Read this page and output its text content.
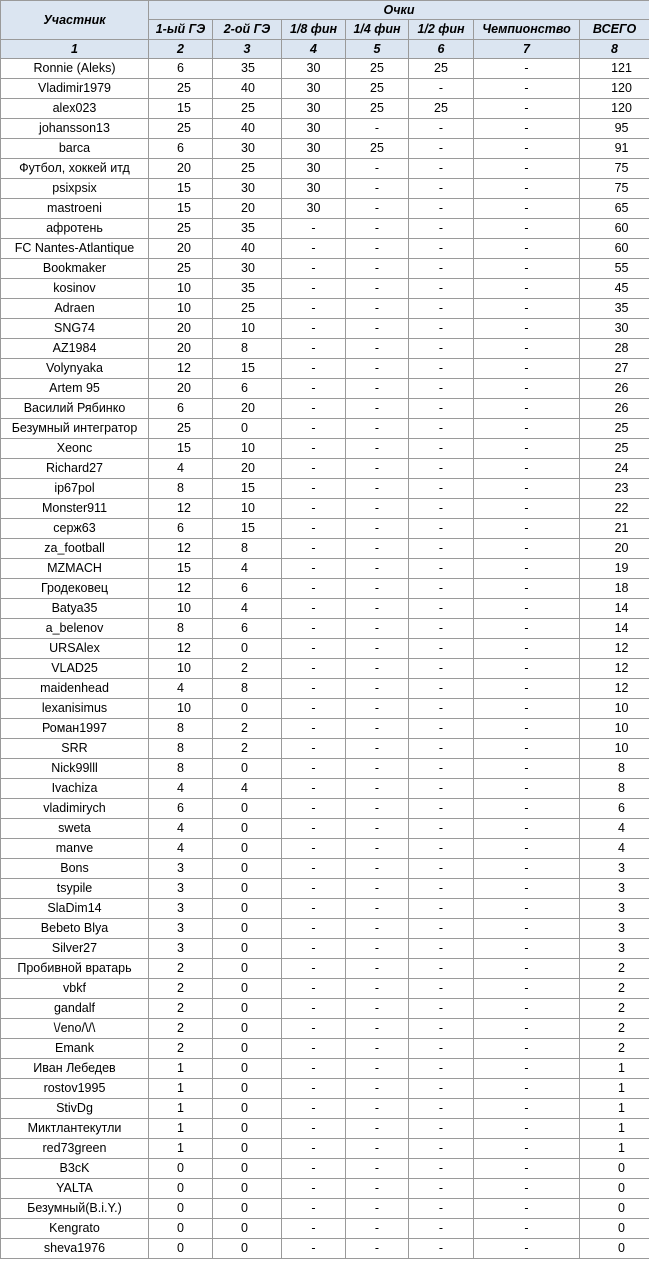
Участник	Очки						
	1-ый ГЭ	2-ой ГЭ	1/8 фин	1/4 фин	1/2 фин	Чемпионство	ВСЕГО
1	2	3	4	5	6	7	8
Ronnie (Aleks)	6	35	30	25	25	-	121
Vladimir1979	25	40	30	25	-	-	120
alex023	15	25	30	25	25	-	120
johansson13	25	40	30	-	-	-	95
barca	6	30	30	25	-	-	91
Футбол, хоккей итд	20	25	30	-	-	-	75
psixpsix	15	30	30	-	-	-	75
mastroeni	15	20	30	-	-	-	65
афротень	25	35	-	-	-	-	60
FC Nantes-Atlantique	20	40	-	-	-	-	60
Bookmaker	25	30	-	-	-	-	55
kosinov	10	35	-	-	-	-	45
Adraen	10	25	-	-	-	-	35
SNG74	20	10	-	-	-	-	30
AZ1984	20	8	-	-	-	-	28
Volynyaka	12	15	-	-	-	-	27
Artem 95	20	6	-	-	-	-	26
Василий Рябинко	6	20	-	-	-	-	26
Безумный интегратор	25	0	-	-	-	-	25
Xeonc	15	10	-	-	-	-	25
Richard27	4	20	-	-	-	-	24
ip67pol	8	15	-	-	-	-	23
Monster911	12	10	-	-	-	-	22
серж63	6	15	-	-	-	-	21
za_football	12	8	-	-	-	-	20
MZMACH	15	4	-	-	-	-	19
Гродековец	12	6	-	-	-	-	18
Batya35	10	4	-	-	-	-	14
a_belenov	8	6	-	-	-	-	14
URSAlex	12	0	-	-	-	-	12
VLAD25	10	2	-	-	-	-	12
maidenhead	4	8	-	-	-	-	12
lexanisimus	10	0	-	-	-	-	10
Роман1997	8	2	-	-	-	-	10
SRR	8	2	-	-	-	-	10
Nick99lll	8	0	-	-	-	-	8
Ivachiza	4	4	-	-	-	-	8
vladimirych	6	0	-	-	-	-	6
sweta	4	0	-	-	-	-	4
manve	4	0	-	-	-	-	4
Bons	3	0	-	-	-	-	3
tsypile	3	0	-	-	-	-	3
SlaDim14	3	0	-	-	-	-	3
Bebeto Blya	3	0	-	-	-	-	3
Silver27	3	0	-	-	-	-	3
Пробивной вратарь	2	0	-	-	-	-	2
vbkf	2	0	-	-	-	-	2
gandalf	2	0	-	-	-	-	2
\/eno/\/\	2	0	-	-	-	-	2
Emank	2	0	-	-	-	-	2
Иван Лебедев	1	0	-	-	-	-	1
rostov1995	1	0	-	-	-	-	1
StivDg	1	0	-	-	-	-	1
Миктлантекутли	1	0	-	-	-	-	1
red73green	1	0	-	-	-	-	1
B3cK	0	0	-	-	-	-	0
YALTA	0	0	-	-	-	-	0
Безумный(B.i.Y.)	0	0	-	-	-	-	0
Kengrato	0	0	-	-	-	-	0
sheva1976	0	0	-	-	-	-	0
